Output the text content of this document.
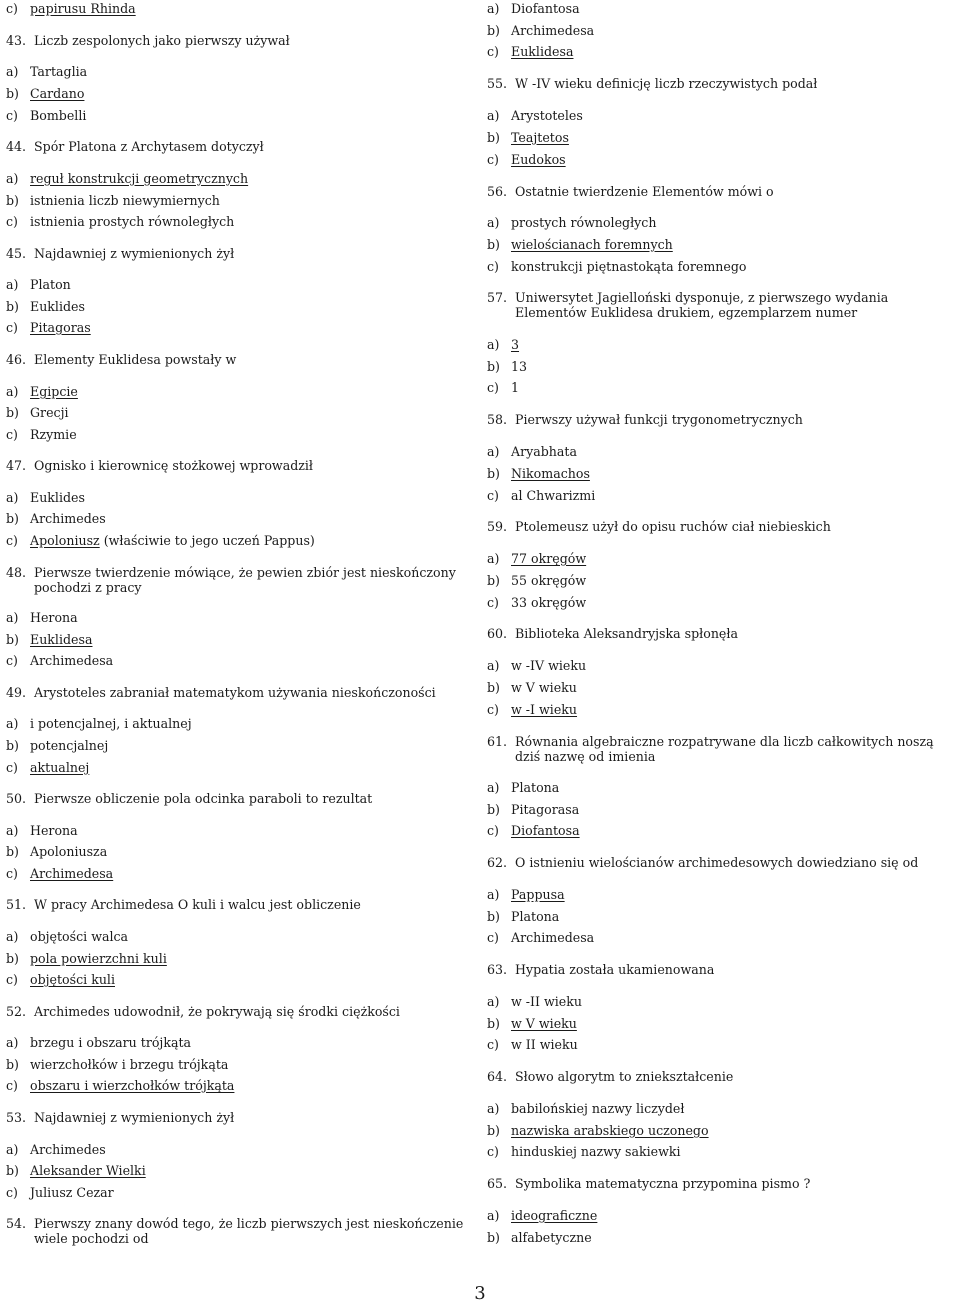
c) papirusu Rhinda
43. Liczb zespolonych jako pierwszy używał
a) Tartaglia
b) Cardano
c) Bombelli
44. Spór Platona z Archytasem dotyczył
a) reguł konstrukcji geometrycznych
b) istnienia liczb niewymiernych
c) istnienia prostych równoległych
45. Najdawniej z wymienionych żył
a) Platon
b) Euklides
c) Pitagoras
46. Elementy Euklidesa powstały w
a) Egipcie
b) Grecji
c) Rzymie
47. Ognisko i kierownicę stożkowej wprowadził
a) Euklides
b) Archimedes
c) Apoloniusz (właściwie to jego uczeń Pappus)
48. Pierwsze twierdzenie mówiące, że pewien zbiór jest nieskończony pochodzi z pracy
a) Herona
b) Euklidesa
c) Archimedesa
49. Arystoteles zabraniał matematykom używania nieskończoności
a) i potencjalnej, i aktualnej
b) potencjalnej
c) aktualnej
50. Pierwsze obliczenie pola odcinka paraboli to rezultat
a) Herona
b) Apoloniusza
c) Archimedesa
51. W pracy Archimedesa O kuli i walcu jest obliczenie
a) objętości walca
b) pola powierzchni kuli
c) objętości kuli
52. Archimedes udowodnił, że pokrywają się środki ciężkości
a) brzegu i obszaru trójkąta
b) wierzchołków i brzegu trójkąta
c) obszaru i wierzchołków trójkąta
53. Najdawniej z wymienionych żył
a) Archimedes
b) Aleksander Wielki
c) Juliusz Cezar
54. Pierwszy znany dowód tego, że liczb pierwszych jest nieskończenie wiele pochodzi od
a) Diofantosa
b) Archimedesa
c) Euklidesa
55. W -IV wieku definicję liczb rzeczywistych podał
a) Arystoteles
b) Teajtetos
c) Eudokos
56. Ostatnie twierdzenie Elementów mówi o
a) prostych równoległych
b) wielościanach foremnych
c) konstrukcji piętnastokąta foremnego
57. Uniwersytet Jagielloński dysponuje, z pierwszego wydania Elementów Euklidesa drukiem, egzemplarzem numer
a) 3
b) 13
c) 1
58. Pierwszy używał funkcji trygonometrycznych
a) Aryabhata
b) Nikomachos
c) al Chwarizmi
59. Ptolemeusz użył do opisu ruchów ciał niebieskich
a) 77 okręgów
b) 55 okręgów
c) 33 okręgów
60. Biblioteka Aleksandryjska spłonęła
a) w -IV wieku
b) w V wieku
c) w -I wieku
61. Równania algebraiczne rozpatrywane dla liczb całkowitych noszą dziś nazwę od imienia
a) Platona
b) Pitagorasa
c) Diofantosa
62. O istnieniu wielościanów archimedesowych dowiedziano się od
a) Pappusa
b) Platona
c) Archimedesa
63. Hypatia została ukamienowana
a) w -II wieku
b) w V wieku
c) w II wieku
64. Słowo algorytm to zniekształcenie
a) babilońskiej nazwy liczydeł
b) nazwiska arabskiego uczonego
c) hinduskiej nazwy sakiewki
65. Symbolika matematyczna przypomina pismo ?
a) ideograficzne
b) alfabetyczne
3
